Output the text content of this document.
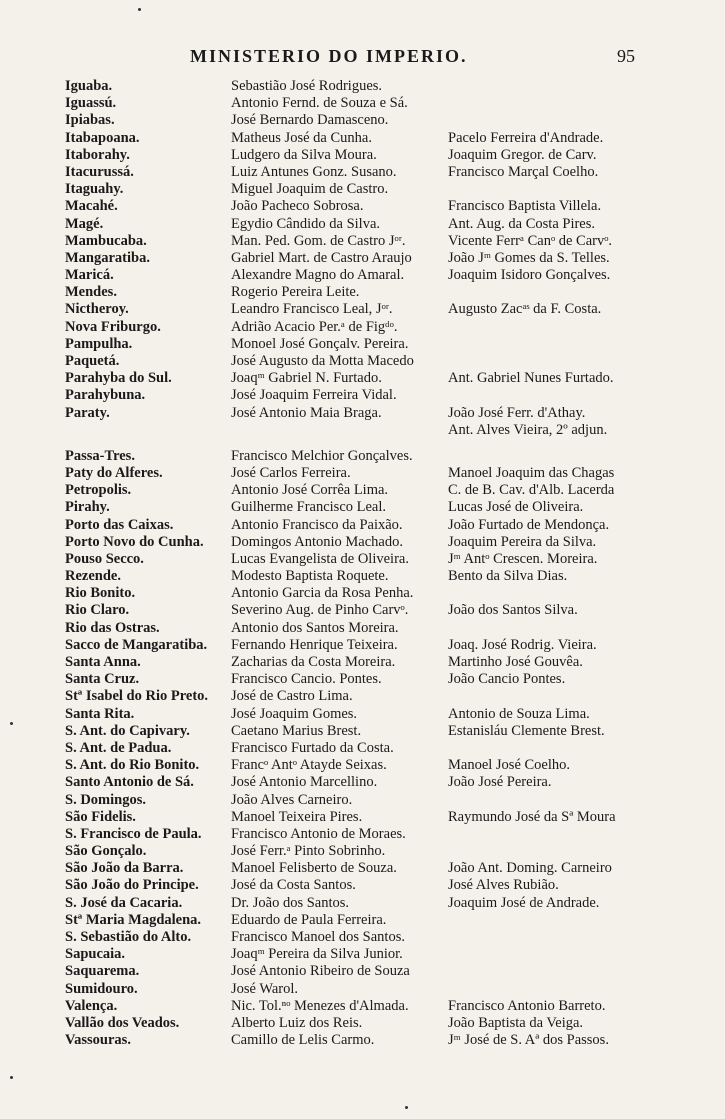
MINISTERIO DO IMPERIO.	95
Iguaba.	Sebastião José Rodrigues.
Iguassú.	Antonio Fernd. de Souza e Sá.
Ipiabas.	José Bernardo Damasceno.
Itabapoana.	Matheus José da Cunha.	Pacelo Ferreira d'Andrade.
Itaborahy.	Ludgero da Silva Moura.	Joaquim Gregor. de Carv.
Itacurussá.	Luiz Antunes Gonz. Susano.	Francisco Marçal Coelho.
Itaguahy.	Miguel Joaquim de Castro.
Macahé.	João Pacheco Sobrosa.	Francisco Baptista Villela.
Magé.	Egydio Cândido da Silva.	Ant. Aug. da Costa Pires.
Mambucaba.	Man. Ped. Gom. de Castro Jᵒʳ.	Vicente Ferrᵃ Canᵒ de Carvᵒ.
Mangaratiba.	Gabriel Mart. de Castro Araujo	João Jᵐ Gomes da S. Telles.
Maricá.	Alexandre Magno do Amaral.	Joaquim Isidoro Gonçalves.
Mendes.	Rogerio Pereira Leite.
Nictheroy.	Leandro Francisco Leal, Jᵒʳ.	Augusto Zacᵃˢ da F. Costa.
Nova Friburgo.	Adrião Acacio Per.ᵃ de Figᵈᵒ.
Pampulha.	Monoel José Gonçalv. Pereira.
Paquetá.	José Augusto da Motta Macedo
Parahyba do Sul.	Joaqᵐ Gabriel N. Furtado.	Ant. Gabriel Nunes Furtado.
Parahybuna.	José Joaquim Ferreira Vidal.
Paraty.	José Antonio Maia Braga.	João José Ferr. d'Athay.
Ant. Alves Vieira, 2º adjun.
Passa-Tres.	Francisco Melchior Gonçalves.
Paty do Alferes.	José Carlos Ferreira.	Manoel Joaquim das Chagas
Petropolis.	Antonio José Corrêa Lima.	C. de B. Cav. d'Alb. Lacerda
Pirahy.	Guilherme Francisco Leal.	Lucas José de Oliveira.
Porto das Caixas.	Antonio Francisco da Paixão.	João Furtado de Mendonça.
Porto Novo do Cunha.	Domingos Antonio Machado.	Joaquim Pereira da Silva.
Pouso Secco.	Lucas Evangelista de Oliveira.	Jᵐ Antᵒ Crescen. Moreira.
Rezende.	Modesto Baptista Roquete.	Bento da Silva Dias.
Rio Bonito.	Antonio Garcia da Rosa Penha.
Rio Claro.	Severino Aug. de Pinho Carvᵒ.	João dos Santos Silva.
Rio das Ostras.	Antonio dos Santos Moreira.
Sacco de Mangaratiba.	Fernando Henrique Teixeira.	Joaq. José Rodrig. Vieira.
Santa Anna.	Zacharias da Costa Moreira.	Martinho José Gouvêa.
Santa Cruz.	Francisco Cancio. Pontes.	João Cancio Pontes.
Stª Isabel do Rio Preto.	José de Castro Lima.
Santa Rita.	José Joaquim Gomes.	Antonio de Souza Lima.
S. Ant. do Capivary.	Caetano Marius Brest.	Estanisláu Clemente Brest.
S. Ant. de Padua.	Francisco Furtado da Costa.
S. Ant. do Rio Bonito.	Francᵒ Antᵒ Atayde Seixas.	Manoel José Coelho.
Santo Antonio de Sá.	José Antonio Marcellino.	João José Pereira.
S. Domingos.	João Alves Carneiro.
São Fidelis.	Manoel Teixeira Pires.	Raymundo José da Sª Moura
S. Francisco de Paula.	Francisco Antonio de Moraes.
São Gonçalo.	José Ferr.ᵃ Pinto Sobrinho.
São João da Barra.	Manoel Felisberto de Souza.	João Ant. Doming. Carneiro
São João do Principe.	José da Costa Santos.	José Alves Rubião.
S. José da Cacaria.	Dr. João dos Santos.	Joaquim José de Andrade.
Stª Maria Magdalena.	Eduardo de Paula Ferreira.
S. Sebastião do Alto.	Francisco Manoel dos Santos.
Sapucaia.	Joaqᵐ Pereira da Silva Junior.
Saquarema.	José Antonio Ribeiro de Souza
Sumidouro.	José Warol.
Valença.	Nic. Tol.ⁿᵒ Menezes d'Almada.	Francisco Antonio Barreto.
Vallão dos Veados.	Alberto Luiz dos Reis.	João Baptista da Veiga.
Vassouras.	Camillo de Lelis Carmo.	Jᵐ José de S. Aª dos Passos.
